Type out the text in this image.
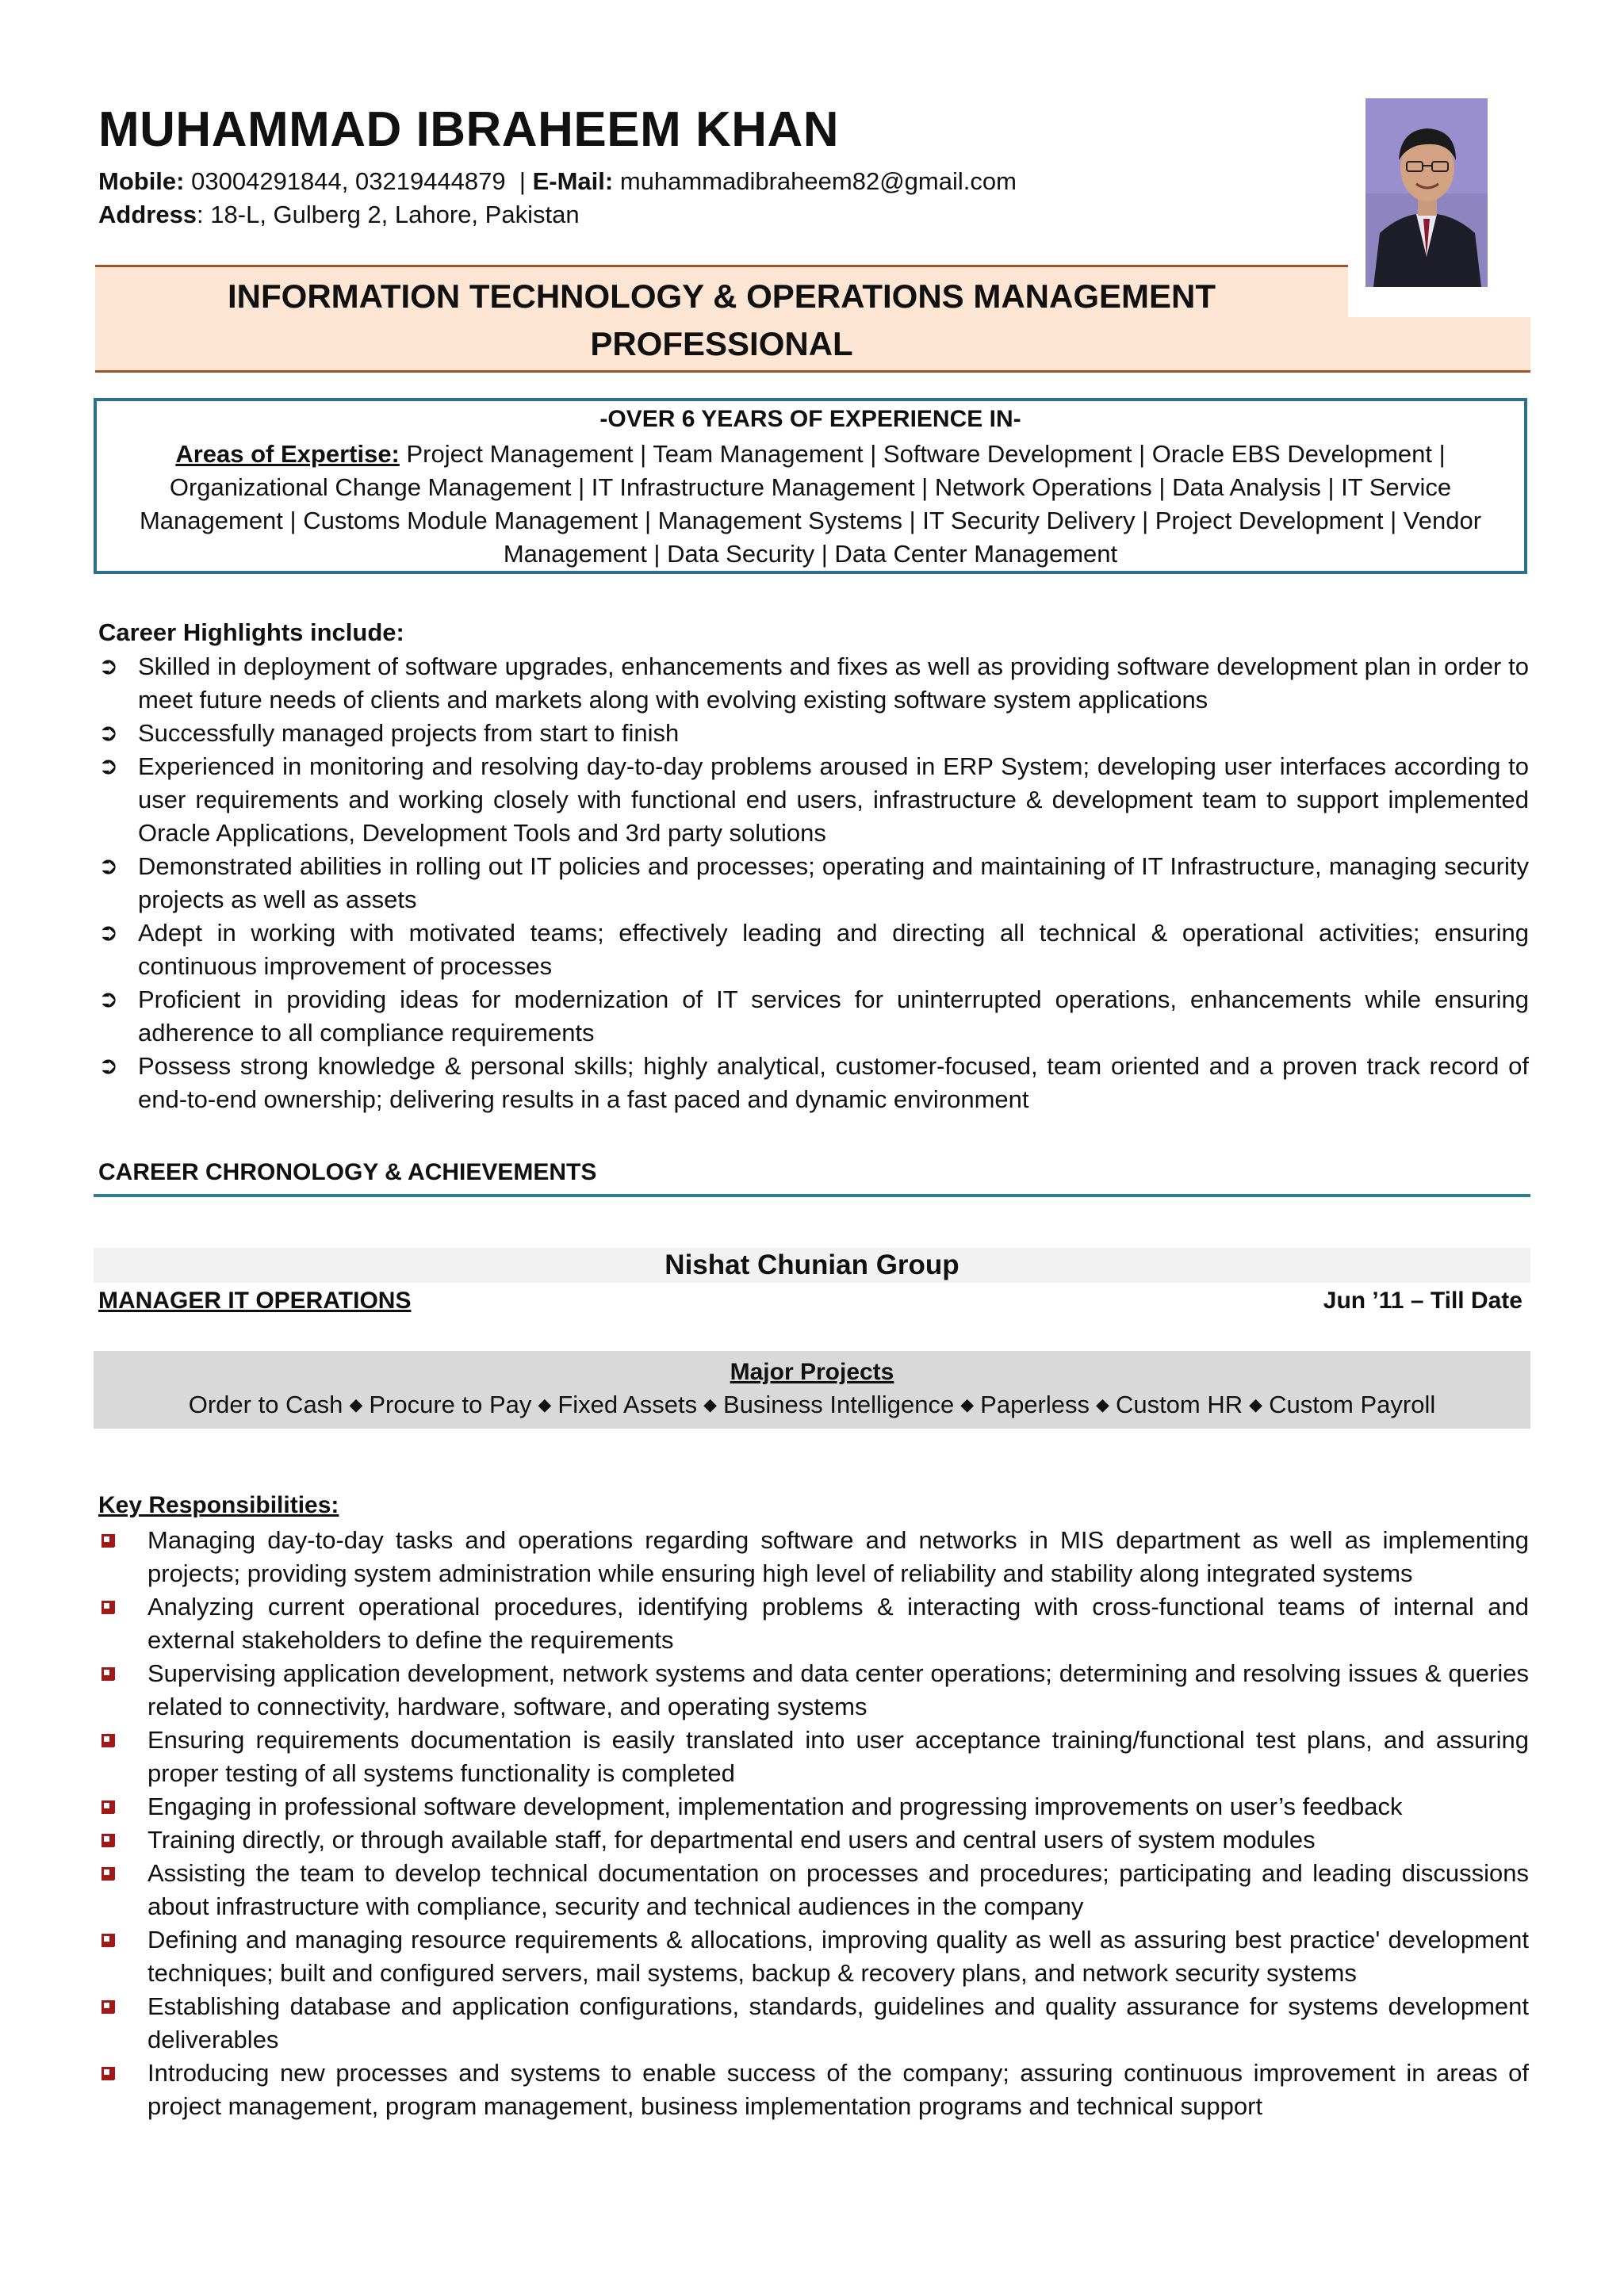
MUHAMMAD IBRAHEEM KHAN
Mobile: 03004291844, 03219444879  | E-Mail: muhammadibraheem82@gmail.com
Address: 18-L, Gulberg 2, Lahore, Pakistan
INFORMATION TECHNOLOGY & OPERATIONS MANAGEMENT
PROFESSIONAL
-OVER 6 YEARS OF EXPERIENCE IN-
Areas of Expertise: Project Management | Team Management | Software Development | Oracle EBS Development | Organizational Change Management | IT Infrastructure Management | Network Operations | Data Analysis | IT Service Management | Customs Module Management | Management Systems | IT Security Delivery | Project Development | Vendor Management | Data Security | Data Center Management
Career Highlights include:
➲ Skilled in deployment of software upgrades, enhancements and fixes as well as providing software development plan in order to meet future needs of clients and markets along with evolving existing software system applications
➲ Successfully managed projects from start to finish
➲ Experienced in monitoring and resolving day-to-day problems aroused in ERP System; developing user interfaces according to user requirements and working closely with functional end users, infrastructure & development team to support implemented Oracle Applications, Development Tools and 3rd party solutions
➲ Demonstrated abilities in rolling out IT policies and processes; operating and maintaining of IT Infrastructure, managing security projects as well as assets
➲ Adept in working with motivated teams; effectively leading and directing all technical & operational activities; ensuring continuous improvement of processes
➲ Proficient in providing ideas for modernization of IT services for uninterrupted operations, enhancements while ensuring adherence to all compliance requirements
➲ Possess strong knowledge & personal skills; highly analytical, customer-focused, team oriented and a proven track record of end-to-end ownership; delivering results in a fast paced and dynamic environment
CAREER CHRONOLOGY & ACHIEVEMENTS
Nishat Chunian Group
MANAGER IT OPERATIONS	Jun ’11 – Till Date
Major Projects
Order to Cash ◆ Procure to Pay ◆ Fixed Assets ◆ Business Intelligence ◆ Paperless ◆ Custom HR ◆ Custom Payroll
Key Responsibilities:
Managing day-to-day tasks and operations regarding software and networks in MIS department as well as implementing projects; providing system administration while ensuring high level of reliability and stability along integrated systems
Analyzing current operational procedures, identifying problems & interacting with cross-functional teams of internal and external stakeholders to define the requirements
Supervising application development, network systems and data center operations; determining and resolving issues & queries related to connectivity, hardware, software, and operating systems
Ensuring requirements documentation is easily translated into user acceptance training/functional test plans, and assuring proper testing of all systems functionality is completed
Engaging in professional software development, implementation and progressing improvements on user’s feedback
Training directly, or through available staff, for departmental end users and central users of system modules
Assisting the team to develop technical documentation on processes and procedures; participating and leading discussions about infrastructure with compliance, security and technical audiences in the company
Defining and managing resource requirements & allocations, improving quality as well as assuring best practice' development techniques; built and configured servers, mail systems, backup & recovery plans, and network security systems
Establishing database and application configurations, standards, guidelines and quality assurance for systems development deliverables
Introducing new processes and systems to enable success of the company; assuring continuous improvement in areas of project management, program management, business implementation programs and technical support
